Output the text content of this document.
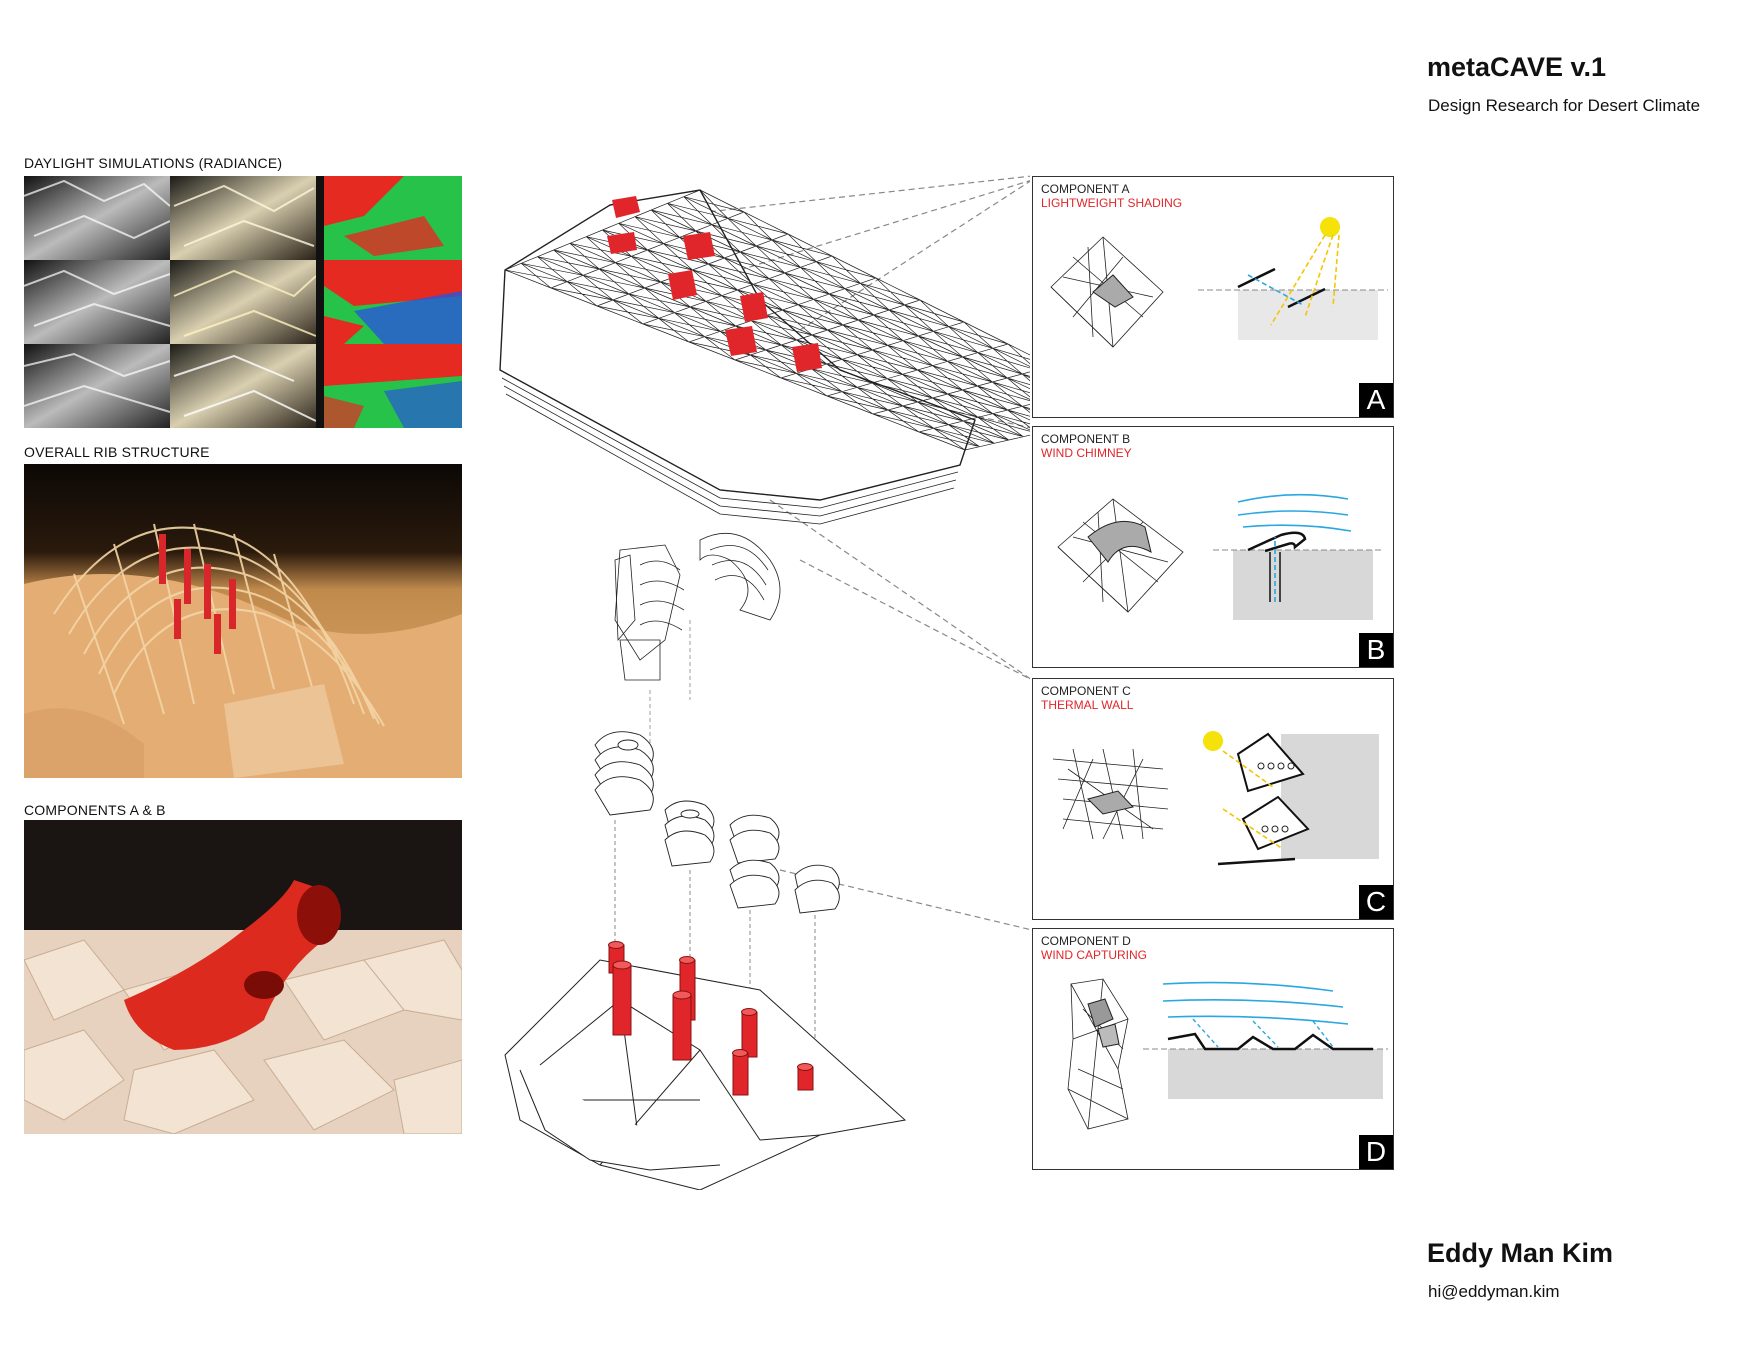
metaCAVE v.1
Design Research for Desert Climate
DAYLIGHT SIMULATIONS (RADIANCE)
OVERALL RIB STRUCTURE
COMPONENTS A & B
COMPONENT A
LIGHTWEIGHT SHADING
A
COMPONENT B
WIND CHIMNEY
B
COMPONENT C
THERMAL WALL
C
COMPONENT D
WIND CAPTURING
D
Eddy Man Kim
hi@eddyman.kim
